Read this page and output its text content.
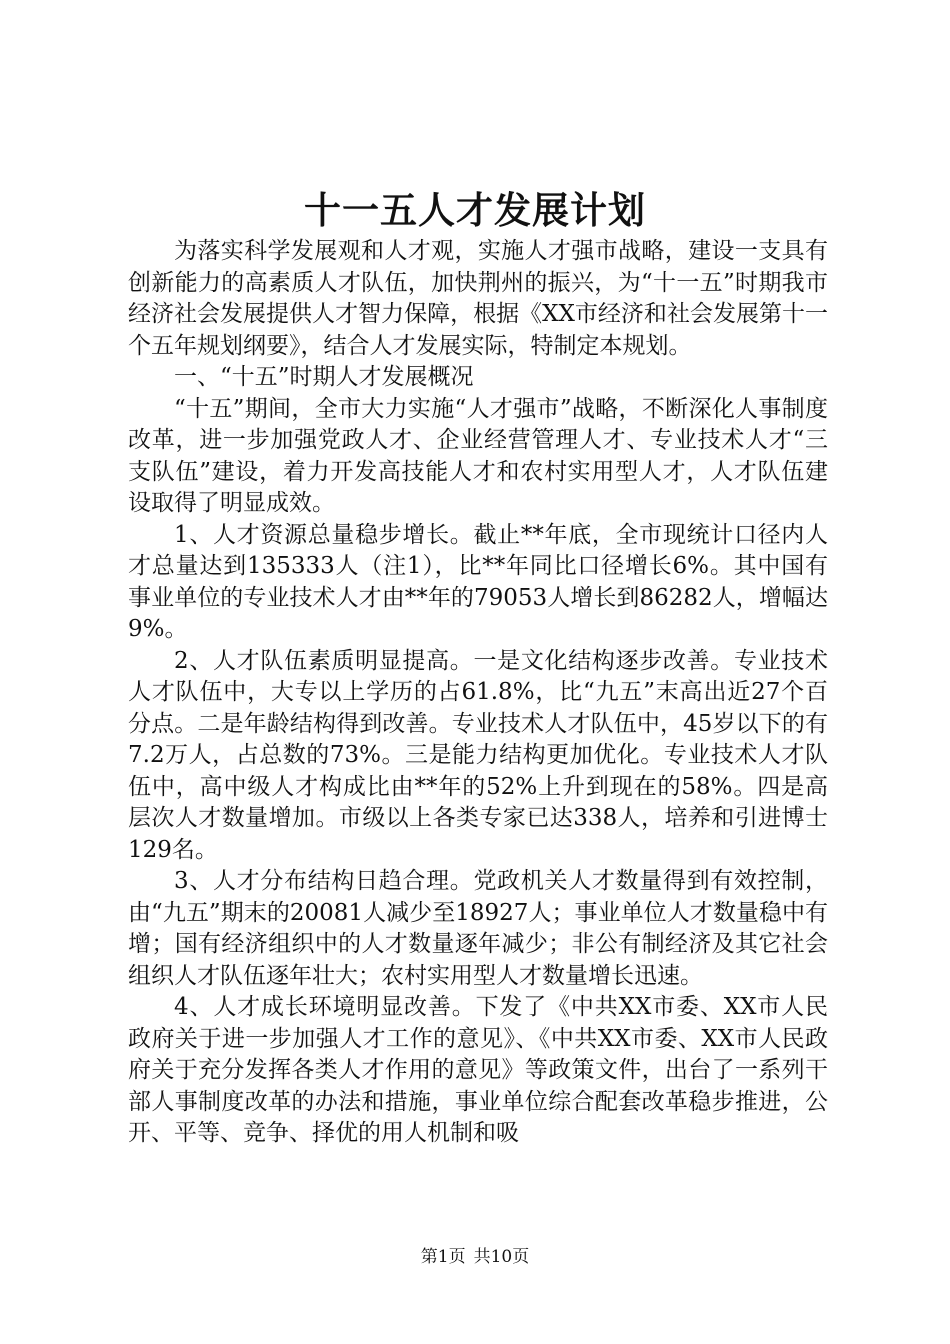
十一五人才发展计划

为落实科学发展观和人才观，实施人才强市战略，建设一支具有创新能力的高素质人才队伍，加快荆州的振兴，为“十一五”时期我市经济社会发展提供人才智力保障，根据《XX市经济和社会发展第十一个五年规划纲要》，结合人才发展实际，特制定本规划。

一、“十五”时期人才发展概况

“十五”期间，全市大力实施“人才强市”战略，不断深化人事制度改革，进一步加强党政人才、企业经营管理人才、专业技术人才“三支队伍”建设，着力开发高技能人才和农村实用型人才，人才队伍建设取得了明显成效。

1、人才资源总量稳步增长。截止**年底，全市现统计口径内人才总量达到135333人（注1），比**年同比口径增长6%。其中国有事业单位的专业技术人才由**年的79053人增长到86282人，增幅达9%。

2、人才队伍素质明显提高。一是文化结构逐步改善。专业技术人才队伍中，大专以上学历的占61.8%，比“九五”末高出近27个百分点。二是年龄结构得到改善。专业技术人才队伍中，45岁以下的有7.2万人，占总数的73%。三是能力结构更加优化。专业技术人才队伍中，高中级人才构成比由**年的52%上升到现在的58%。四是高层次人才数量增加。市级以上各类专家已达338人，培养和引进博士129名。

3、人才分布结构日趋合理。党政机关人才数量得到有效控制，由“九五”期末的20081人减少至18927人；事业单位人才数量稳中有增；国有经济组织中的人才数量逐年减少；非公有制经济及其它社会组织人才队伍逐年壮大；农村实用型人才数量增长迅速。

4、人才成长环境明显改善。下发了《中共XX市委、XX市人民政府关于进一步加强人才工作的意见》、《中共XX市委、XX市人民政府关于充分发挥各类人才作用的意见》等政策文件，出台了一系列干部人事制度改革的办法和措施，事业单位综合配套改革稳步推进，公开、平等、竞争、择优的用人机制和吸

第1页 共10页
